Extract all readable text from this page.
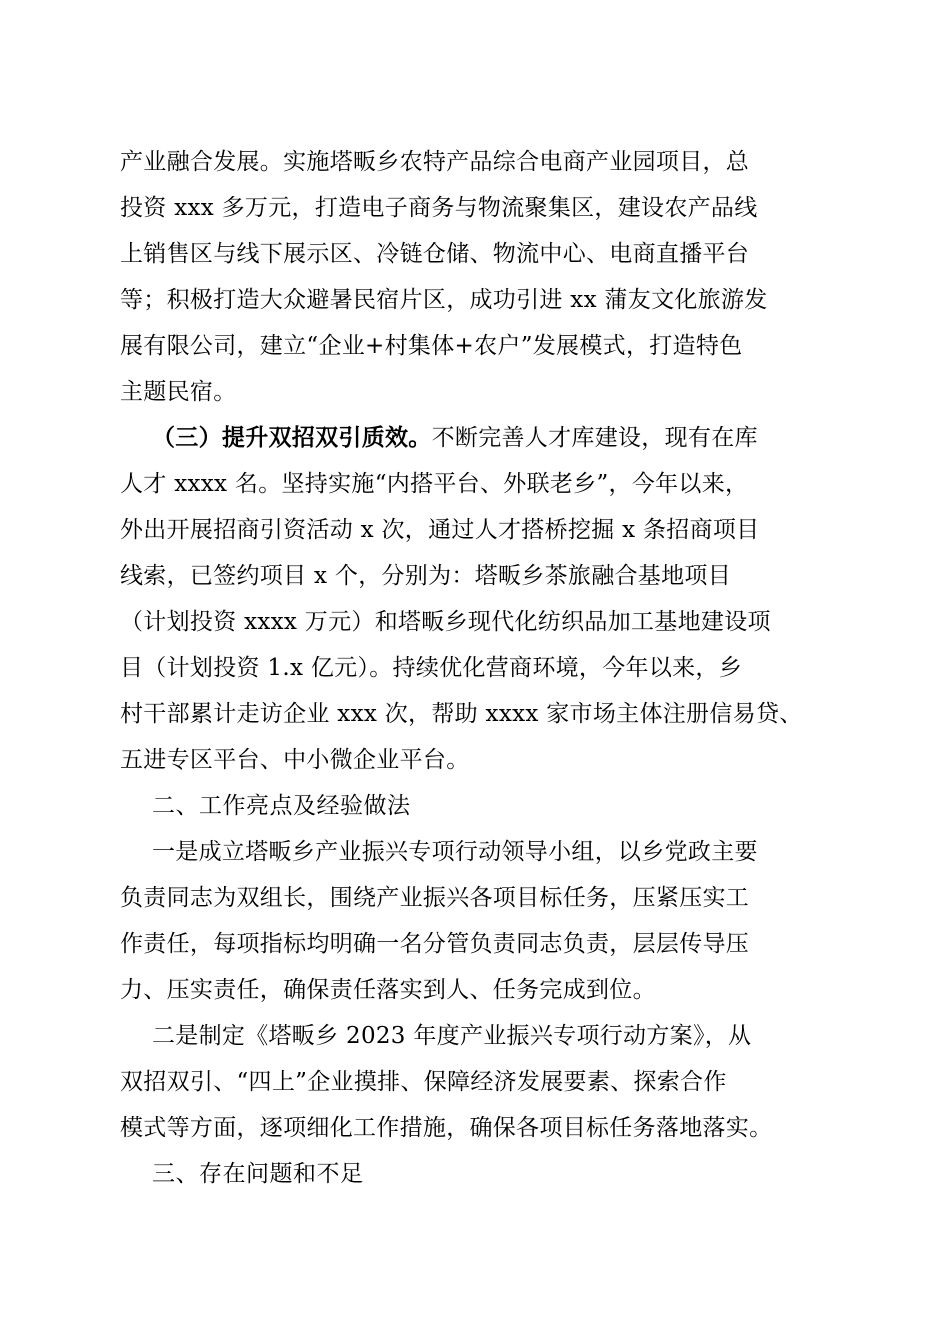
产业融合发展。实施塔畈乡农特产品综合电商产业园项目，总
投资 xxx 多万元，打造电子商务与物流聚集区，建设农产品线
上销售区与线下展示区、冷链仓储、物流中心、电商直播平台
等；积极打造大众避暑民宿片区，成功引进 xx 蒲友文化旅游发
展有限公司，建立“企业+村集体+农户”发展模式，打造特色
主题民宿。
（三）提升双招双引质效。不断完善人才库建设，现有在库
人才 xxxx 名。坚持实施“内搭平台、外联老乡”，今年以来，
外出开展招商引资活动 x 次，通过人才搭桥挖掘 x 条招商项目
线索，已签约项目 x 个，分别为：塔畈乡茶旅融合基地项目
（计划投资 xxxx 万元）和塔畈乡现代化纺织品加工基地建设项
目（计划投资 1.x 亿元）。持续优化营商环境，今年以来，乡
村干部累计走访企业 xxx 次，帮助 xxxx 家市场主体注册信易贷、
五进专区平台、中小微企业平台。
二、工作亮点及经验做法
一是成立塔畈乡产业振兴专项行动领导小组，以乡党政主要
负责同志为双组长，围绕产业振兴各项目标任务，压紧压实工
作责任，每项指标均明确一名分管负责同志负责，层层传导压
力、压实责任，确保责任落实到人、任务完成到位。
二是制定《塔畈乡 2023 年度产业振兴专项行动方案》，从
双招双引、“四上”企业摸排、保障经济发展要素、探索合作
模式等方面，逐项细化工作措施，确保各项目标任务落地落实。
三、存在问题和不足
